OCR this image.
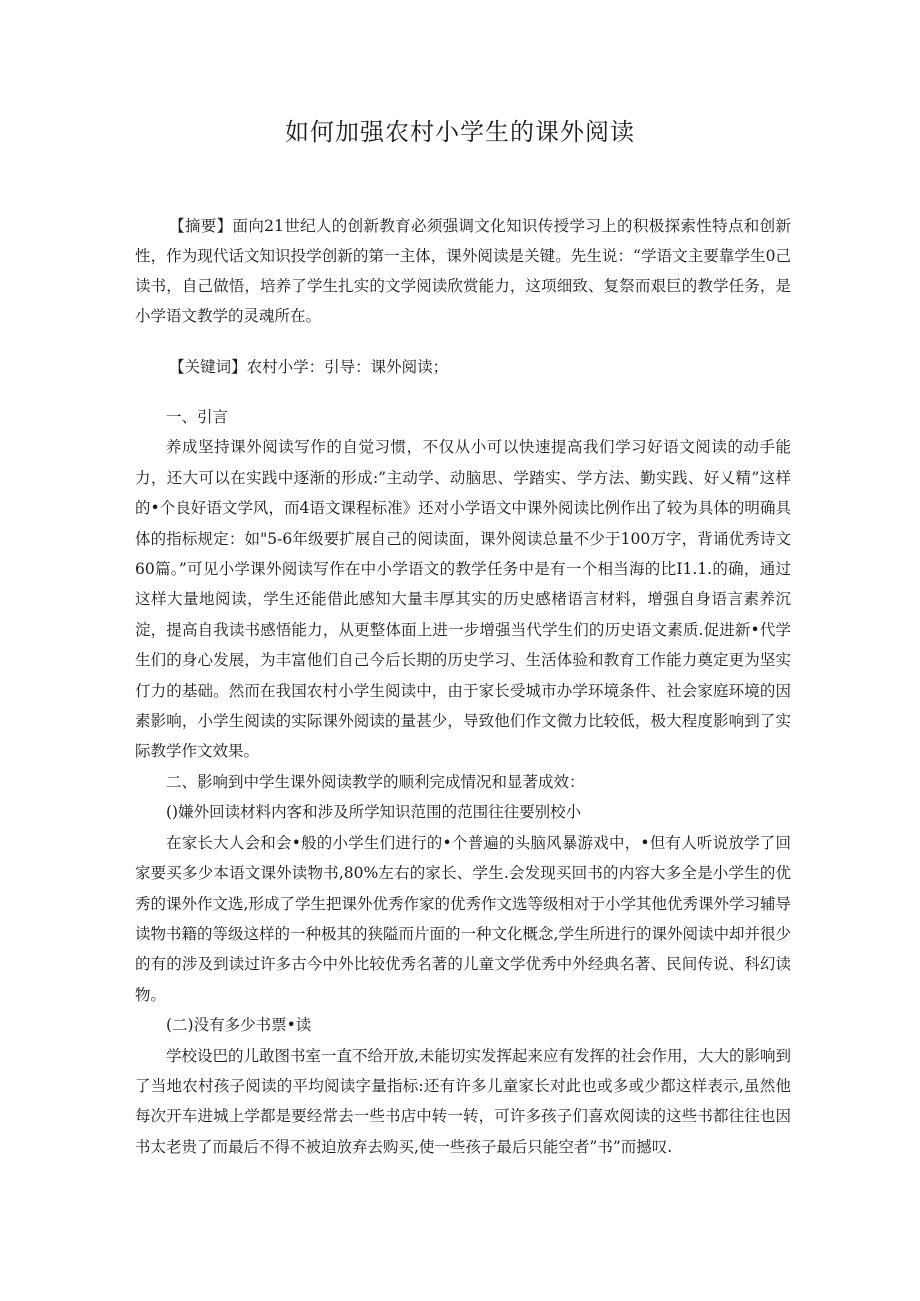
如何加强农村小学生的课外阅读

【摘要】面向21世纪人的创新教育必须强调文化知识传授学习上的积极探索性特点和创新性，作为现代话文知识投学创新的第一主体，课外阅读是关键。先生说：“学语文主要靠学生0己读书，自己做悟，培养了学生扎实的文学阅读欣赏能力，这项细致、复祭而艰巨的教学任务，是小学语文教学的灵魂所在。

【关键词】农村小学：引导：课外阅读；

一、引言

养成坚持课外阅读写作的自觉习惯，不仅从小可以快速提高我们学习好语文阅读的动手能力，还大可以在实践中逐渐的形成:”主动学、动脑思、学踏实、学方法、勤实践、好乂精”这样的•个良好语文学风，而4语文课程标准》还对小学语文中课外阅读比例作出了较为具体的明确具体的指标规定：如"5-6年级要扩展自己的阅读面，课外阅读总量不少于100万字，背诵优秀诗文60篇。”可见小学课外阅读写作在中小学语文的教学任务中是有一个相当海的比I1.1.的确，通过这样大量地阅读，学生还能借此感知大量丰厚其实的历史感楮语言材料，增强自身语言素养沉淀，提高自我读书感悟能力，从更整体面上进一步增强当代学生们的历史语文素质.促进新•代学生们的身心发展，为丰富他们自己今后长期的历史学习、生活体验和教育工作能力奠定更为坚实仃力的基础。然而在我国农村小学生阅读中，由于家长受城市办学环境条件、社会家庭环境的因素影响，小学生阅读的实际课外阅读的量甚少，导致他们作文微力比较低，极大程度影响到了实际教学作文效果。

二、影响到中学生课外阅读教学的顺利完成情况和显著成效：

()嫌外回读材料内客和涉及所学知识范围的范围往往要别校小

在家长大人会和会•般的小学生们进行的•个普遍的头脑风暴游戏中，•但有人听说放学了回家要买多少本语文课外读物书,80%左右的家长、学生.会发现买回书的内容大多全是小学生的优秀的课外作文选,形成了学生把课外优秀作家的优秀作文选等级相对于小学其他优秀课外学习辅导读物书籍的等级这样的一种极其的狭隘而片面的一种文化概念,学生所进行的课外阅读中却并很少的有的涉及到读过许多古今中外比较优秀名著的儿童文学优秀中外经典名著、民间传说、科幻读物。

(二)没有多少书票•读

学校设巴的儿敢图书室一直不给开放,未能切实发挥起来应有发挥的社会作用，大大的影响到了当地农村孩子阅读的平均阅读字量指标:还有许多儿童家长对此也或多或少都这样表示,虽然他每次开车进城上学都是要经常去一些书店中转一转，可许多孩子们喜欢阅读的这些书都往往也因书太老贵了而最后不得不被迫放弃去购买,使一些孩子最后只能空者”书”而撼叹.
